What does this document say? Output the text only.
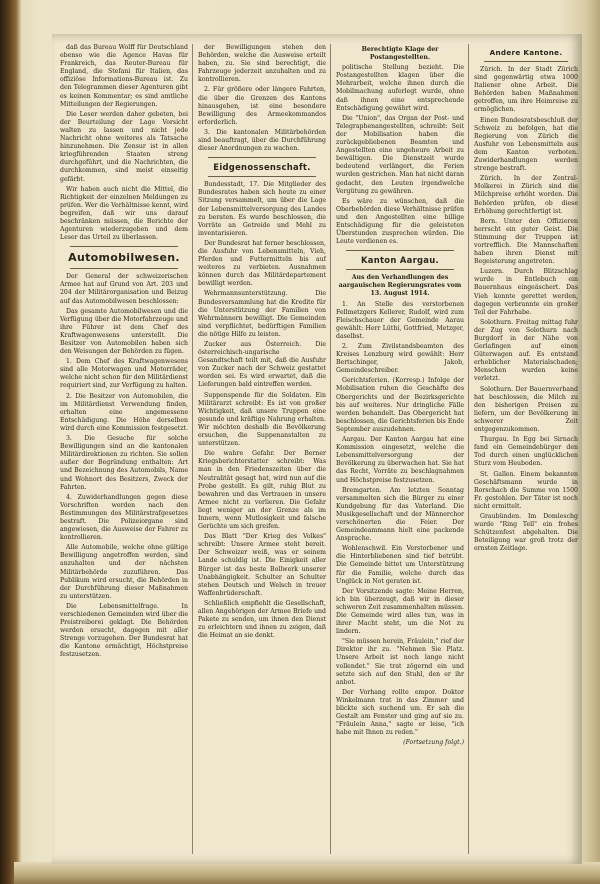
daß das Bureau Wolff für Deutschland ebenso wie die Agence Havas für Frankreich, das Reuter-Bureau für England, die Stefani für Italien, das offiziöse Informations-Bureau ist. Zu den Telegrammen dieser Agenturen gibt es keinen Kommentar; es sind amtliche Mitteilungen der Regierungen.

Die Leser werden daher gebeten, bei der Beurteilung der Lage Vorsicht walten zu lassen und nicht jede Nachricht ohne weiteres als Tatsache hinzunehmen. Die Zensur ist in allen kriegführenden Staaten streng durchgeführt, und die Nachrichten, die durchkommen, sind meist einseitig gefärbt.

Wir haben auch nicht die Mittel, die Richtigkeit der einzelnen Meldungen zu prüfen. Wer die Verhältnisse kennt, wird begreifen, daß wir uns darauf beschränken müssen, die Berichte der Agenturen wiederzugeben und dem Leser das Urteil zu überlassen.

Automobilwesen.

Der General der schweizerischen Armee hat auf Grund von Art. 203 und 204 der Militärorganisation und Beizug auf das Automobilwesen beschlossen:

Das gesamte Automobilwesen und die Verfügung über die Motorfahrzeuge und ihre Führer ist dem Chef des Kraftwagenwesens unterstellt. Die Besitzer von Automobilen haben sich den Weisungen der Behörden zu fügen.

1. Dem Chef des Kraftwagenwesens sind alle Motorwagen und Motorräder, welche nicht schon für den Militärdienst requiriert sind, zur Verfügung zu halten.

2. Die Besitzer von Automobilen, die im Militärdienst Verwendung finden, erhalten eine angemessene Entschädigung. Die Höhe derselben wird durch eine Kommission festgesetzt.

3. Die Gesuche für solche Bewilligungen sind an die kantonalen Militärdirektionen zu richten. Sie sollen außer der Begründung enthalten: Art und Bezeichnung des Automobils, Name und Wohnort des Besitzers, Zweck der Fahrten.

4. Zuwiderhandlungen gegen diese Vorschriften werden nach den Bestimmungen des Militärstrafgesetzes bestraft. Die Polizeiorgane sind angewiesen, die Ausweise der Fahrer zu kontrollieren.

Alle Automobile, welche ohne gültige Bewilligung angetroffen werden, sind anzuhalten und der nächsten Militärbehörde zuzuführen. Das Publikum wird ersucht, die Behörden in der Durchführung dieser Maßnahmen zu unterstützen.

Die Lebensmittelfrage. In verschiedenen Gemeinden wird über die Preistreiberei geklagt. Die Behörden werden ersucht, dagegen mit aller Strenge vorzugehen. Der Bundesrat hat die Kantone ermächtigt, Höchstpreise festzusetzen.

der Bewilligungen stehen den Behörden, welche die Ausweise erteilt haben, zu. Sie sind berechtigt, die Fahrzeuge jederzeit anzuhalten und zu kontrollieren.

2. Für größere oder längere Fahrten, die über die Grenzen des Kantons hinausgehen, ist eine besondere Bewilligung des Armeekommandos erforderlich.

3. Die kantonalen Militärbehörden sind beauftragt, über die Durchführung dieser Anordnungen zu wachen.

Eidgenossenschaft.

Bundesstadt, 17. Die Mitglieder des Bundesrates haben sich heute zu einer Sitzung versammelt, um über die Lage der Lebensmittelversorgung des Landes zu beraten. Es wurde beschlossen, die Vorräte an Getreide und Mehl zu inventarisieren.

Der Bundesrat hat ferner beschlossen, die Ausfuhr von Lebensmitteln, Vieh, Pferden und Futtermitteln bis auf weiteres zu verbieten. Ausnahmen können durch das Militärdepartement bewilligt werden.

Wehrmannsunterstützung. Die Bundesversammlung hat die Kredite für die Unterstützung der Familien von Wehrmännern bewilligt. Die Gemeinden sind verpflichtet, bedürftigen Familien die nötige Hilfe zu leisten.

Zucker aus Österreich. Die österreichisch-ungarische Gesandtschaft teilt mit, daß die Ausfuhr von Zucker nach der Schweiz gestattet worden sei. Es wird erwartet, daß die Lieferungen bald eintreffen werden.

Suppenspende für die Soldaten. Ein Militärarzt schreibt: Es ist von großer Wichtigkeit, daß unsere Truppen eine gesunde und kräftige Nahrung erhalten. Wir möchten deshalb die Bevölkerung ersuchen, die Suppenanstalten zu unterstützen.

Die wahre Gefahr. Der Berner Kriegsberichterstatter schreibt: Was man in den Friedenszeiten über die Neutralität gesagt hat, wird nun auf die Probe gestellt. Es gilt, ruhig Blut zu bewahren und das Vertrauen in unsere Armee nicht zu verlieren. Die Gefahr liegt weniger an der Grenze als im Innern, wenn Mutlosigkeit und falsche Gerüchte um sich greifen.

Das Blatt "Der Krieg des Volkes" schreibt: Unsere Armee steht bereit. Der Schweizer weiß, was er seinem Lande schuldig ist. Die Einigkeit aller Bürger ist das beste Bollwerk unserer Unabhängigkeit. Schulter an Schulter stehen Deutsch und Welsch in treuer Waffenbrüderschaft.

Schließlich empfiehlt die Gesellschaft, allen Angehörigen der Armee Briefe und Pakete zu senden, um ihnen den Dienst zu erleichtern und ihnen zu zeigen, daß die Heimat an sie denkt.

Berechtigte Klage der Postangestellten.

politische Stellung bezieht. Die Postangestellten klagen über die Mehrarbeit, welche ihnen durch die Mobilmachung auferlegt wurde, ohne daß ihnen eine entsprechende Entschädigung gewährt wird.

Die "Union", das Organ der Post- und Telegraphenangestellten, schreibt: Seit der Mobilisation haben die zurückgebliebenen Beamten und Angestellten eine ungeheure Arbeit zu bewältigen. Die Dienstzeit wurde bedeutend verlängert, die Ferien wurden gestrichen. Man hat nicht daran gedacht, den Leuten irgendwelche Vergütung zu gewähren.

Es wäre zu wünschen, daß die Oberbehörden diese Verhältnisse prüfen und den Angestellten eine billige Entschädigung für die geleisteten Überstunden zusprechen würden. Die Leute verdienen es.

Kanton Aargau.
Aus den Verhandlungen des aargauischen Regierungsrates vom 13. August 1914.

1. An Stelle des verstorbenen Fellmetzgers Kellerer, Rudolf, wird zum Fleischschauer der Gemeinde Aarau gewählt: Herr Lüthi, Gottfried, Metzger, daselbst.

2. Zum Zivilstandsbeamten des Kreises Lenzburg wird gewählt: Herr Bertschinger, Jakob, Gemeindeschreiber.

Gerichtsferien. (Korresp.) Infolge der Mobilisation ruhen die Geschäfte des Obergerichts und der Bezirksgerichte bis auf weiteres. Nur dringliche Fälle werden behandelt. Das Obergericht hat beschlossen, die Gerichtsferien bis Ende September auszudehnen.

Aargau. Der Kanton Aargau hat eine Kommission eingesetzt, welche die Lebensmittelversorgung der Bevölkerung zu überwachen hat. Sie hat das Recht, Vorräte zu beschlagnahmen und Höchstpreise festzusetzen.

Bremgarten. Am letzten Sonntag versammelten sich die Bürger zu einer Kundgebung für das Vaterland. Die Musikgesellschaft und der Männerchor verschönerten die Feier. Der Gemeindeammann hielt eine packende Ansprache.

Wohlenschwil. Ein Verstorbener und die Hinterbliebenen sind tief betrübt. Die Gemeinde bittet um Unterstützung für die Familie, welche durch das Unglück in Not geraten ist.

Der Vorsitzende sagte: Meine Herren, ich bin überzeugt, daß wir in dieser schweren Zeit zusammenhalten müssen. Die Gemeinde wird alles tun, was in ihrer Macht steht, um die Not zu lindern.

"Sie müssen herein, Fräulein," rief der Direktor ihr zu. "Nehmen Sie Platz. Unsere Arbeit ist noch lange nicht vollendet." Sie trat zögernd ein und setzte sich auf den Stuhl, den er ihr anbot.

Der Vorhang rollte empor. Doktor Winkelmann trat in das Zimmer und blickte sich suchend um. Er sah die Gestalt am Fenster und ging auf sie zu. "Fräulein Anna," sagte er leise, "ich habe mit Ihnen zu reden."

(Fortsetzung folgt.)
Andere Kantone.

Zürich. In der Stadt Zürich sind gegenwärtig etwa 1000 Italiener ohne Arbeit. Die Behörden haben Maßnahmen getroffen, um ihre Heimreise zu ermöglichen.

Einen Bundesratsbeschluß der Schweiz zu befolgen, hat die Regierung von Zürich die Ausfuhr von Lebensmitteln aus dem Kanton verboten. Zuwiderhandlungen werden strenge bestraft.

Zürich. In der Zentral-Molkerei in Zürich sind die Milchpreise erhöht worden. Die Behörden prüfen, ob diese Erhöhung gerechtfertigt ist.

Bern. Unter den Offizieren herrscht ein guter Geist. Die Stimmung der Truppen ist vortrefflich. Die Mannschaften haben ihren Dienst mit Begeisterung angetreten.

Luzern. Durch Blitzschlag wurde in Entlebuch ein Bauernhaus eingeäschert. Das Vieh konnte gerettet werden, dagegen verbrannte ein großer Teil der Fahrhabe.

Solothurn. Freitag mittag fuhr der Zug von Solothurn nach Burgdorf in der Nähe von Gerlafingen auf einen Güterwagen auf. Es entstand erheblicher Materialschaden; Menschen wurden keine verletzt.

Solothurn. Der Bauernverband hat beschlossen, die Milch zu den bisherigen Preisen zu liefern, um der Bevölkerung in schwerer Zeit entgegenzukommen.

Thurgau. In Egg bei Sirnach fand ein Gemeindebürger den Tod durch einen unglücklichen Sturz vom Heuboden.

St. Gallen. Einem bekannten Geschäftsmann wurde in Rorschach die Summe von 1500 Fr. gestohlen. Der Täter ist noch nicht ermittelt.

Graubünden. Im Domleschg wurde "Ring Tell" ein frohes Schützenfest abgehalten. Die Beteiligung war groß trotz der ernsten Zeitlage.
